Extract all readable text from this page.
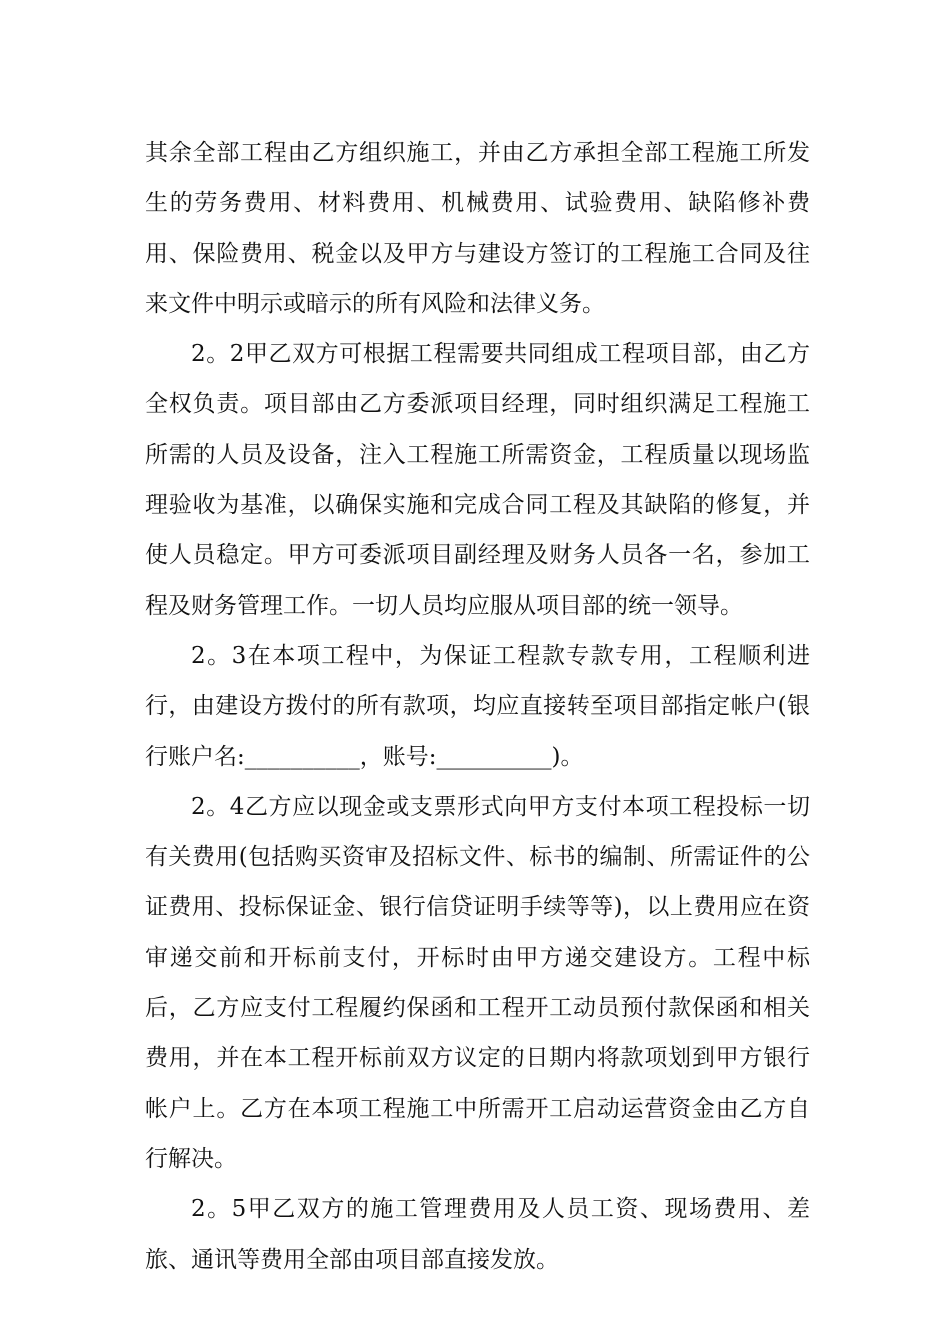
其余全部工程由乙方组织施工，并由乙方承担全部工程施工所发生的劳务费用、材料费用、机械费用、试验费用、缺陷修补费用、保险费用、税金以及甲方与建设方签订的工程施工合同及往来文件中明示或暗示的所有风险和法律义务。

2。2甲乙双方可根据工程需要共同组成工程项目部，由乙方全权负责。项目部由乙方委派项目经理，同时组织满足工程施工所需的人员及设备，注入工程施工所需资金，工程质量以现场监理验收为基准，以确保实施和完成合同工程及其缺陷的修复，并使人员稳定。甲方可委派项目副经理及财务人员各一名，参加工程及财务管理工作。一切人员均应服从项目部的统一领导。

2。3在本项工程中，为保证工程款专款专用，工程顺利进行，由建设方拨付的所有款项，均应直接转至项目部指定帐户(银行账户名:__________，账号:__________)。

2。4乙方应以现金或支票形式向甲方支付本项工程投标一切有关费用(包括购买资审及招标文件、标书的编制、所需证件的公证费用、投标保证金、银行信贷证明手续等等)，以上费用应在资审递交前和开标前支付，开标时由甲方递交建设方。工程中标后，乙方应支付工程履约保函和工程开工动员预付款保函和相关费用，并在本工程开标前双方议定的日期内将款项划到甲方银行帐户上。乙方在本项工程施工中所需开工启动运营资金由乙方自行解决。

2。5甲乙双方的施工管理费用及人员工资、现场费用、差旅、通讯等费用全部由项目部直接发放。
